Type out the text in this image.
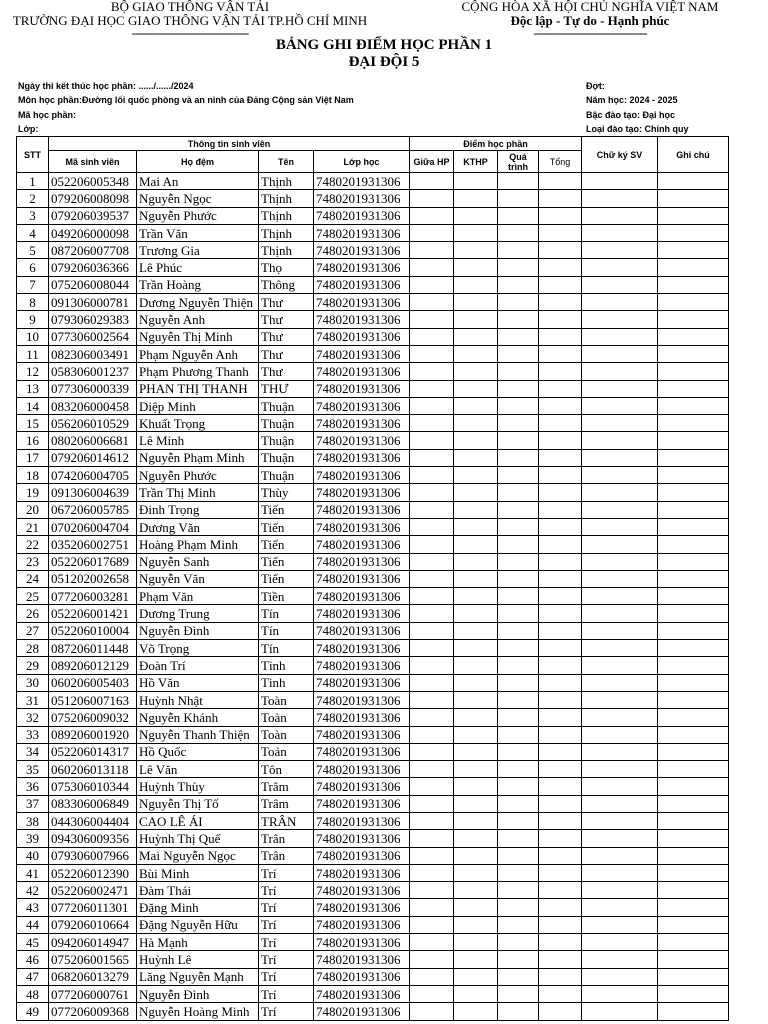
BỘ GIAO THÔNG VẬN TẢI
TRƯỜNG ĐẠI HỌC GIAO THÔNG VẬN TẢI TP.HỒ CHÍ MINH
-----------------------------------
CỘNG HÒA XÃ HỘI CHỦ NGHĨA VIỆT NAM
Độc lập - Tự do - Hạnh phúc
----------------------------------
BẢNG GHI ĐIỂM HỌC PHẦN 1
ĐẠI ĐỘI 5
Ngày thi kết thúc học phần: ....../....../2024
Môn học phần:Đường lối quốc phòng và an ninh của Đảng Cộng sản Việt Nam
Mã học phần:
Lớp:
Đợt:
Năm học: 2024 - 2025
Bậc đào tạo: Đại học
Loại đào tạo: Chính quy
STT	Thông tin sinh viên				Điểm học phần				Chữ ký SV	Ghi chú
	Mã sinh viên	Họ đệm	Tên	Lớp học	Giữa HP	KTHP	Quá trình	Tổng		
1	052206005348	Mai An	Thịnh	7480201931306						
2	079206008098	Nguyễn Ngọc	Thịnh	7480201931306						
3	079206039537	Nguyễn Phước	Thịnh	7480201931306						
4	049206000098	Trần Văn	Thịnh	7480201931306						
5	087206007708	Trương Gia	Thịnh	7480201931306						
6	079206036366	Lê Phúc	Thọ	7480201931306						
7	075206008044	Trần Hoàng	Thông	7480201931306						
8	091306000781	Dương Nguyễn Thiện	Thư	7480201931306						
9	079306029383	Nguyễn Anh	Thư	7480201931306						
10	077306002564	Nguyễn Thị Minh	Thư	7480201931306						
11	082306003491	Phạm Nguyễn Anh	Thư	7480201931306						
12	058306001237	Phạm Phương Thanh	Thư	7480201931306						
13	077306000339	PHAN THỊ THANH	THƯ	7480201931306						
14	083206000458	Diệp Minh	Thuận	7480201931306						
15	056206010529	Khuất Trọng	Thuận	7480201931306						
16	080206006681	Lê Minh	Thuận	7480201931306						
17	079206014612	Nguyễn Phạm Minh	Thuận	7480201931306						
18	074206004705	Nguyễn Phước	Thuận	7480201931306						
19	091306004639	Trần Thị Minh	Thùy	7480201931306						
20	067206005785	Đinh Trọng	Tiến	7480201931306						
21	070206004704	Dương Văn	Tiến	7480201931306						
22	035206002751	Hoàng Phạm Minh	Tiến	7480201931306						
23	052206017689	Nguyễn Sanh	Tiến	7480201931306						
24	051202002658	Nguyễn Văn	Tiến	7480201931306						
25	077206003281	Phạm Văn	Tiền	7480201931306						
26	052206001421	Dương Trung	Tín	7480201931306						
27	052206010004	Nguyễn Đình	Tín	7480201931306						
28	087206011448	Võ Trọng	Tín	7480201931306						
29	089206012129	Đoàn Trí	Tình	7480201931306						
30	060206005403	Hồ Văn	Tình	7480201931306						
31	051206007163	Huỳnh Nhật	Toàn	7480201931306						
32	075206009032	Nguyễn Khánh	Toàn	7480201931306						
33	089206001920	Nguyễn Thanh Thiện	Toàn	7480201931306						
34	052206014317	Hồ Quốc	Toản	7480201931306						
35	060206013118	Lê Văn	Tôn	7480201931306						
36	075306010344	Huỳnh Thùy	Trâm	7480201931306						
37	083306006849	Nguyễn Thị Tố	Trâm	7480201931306						
38	044306004404	CAO LÊ ÁI	TRÂN	7480201931306						
39	094306009356	Huỳnh Thị Quế	Trân	7480201931306						
40	079306007966	Mai Nguyễn Ngọc	Trân	7480201931306						
41	052206012390	Bùi Minh	Trí	7480201931306						
42	052206002471	Đàm Thái	Trí	7480201931306						
43	077206011301	Đặng Minh	Trí	7480201931306						
44	079206010664	Đặng Nguyễn Hữu	Trí	7480201931306						
45	094206014947	Hà Mạnh	Trí	7480201931306						
46	075206001565	Huỳnh Lê	Trí	7480201931306						
47	068206013279	Lăng Nguyễn Mạnh	Trí	7480201931306						
48	077206000761	Nguyễn Đình	Trí	7480201931306						
49	077206009368	Nguyễn Hoàng Minh	Trí	7480201931306						
